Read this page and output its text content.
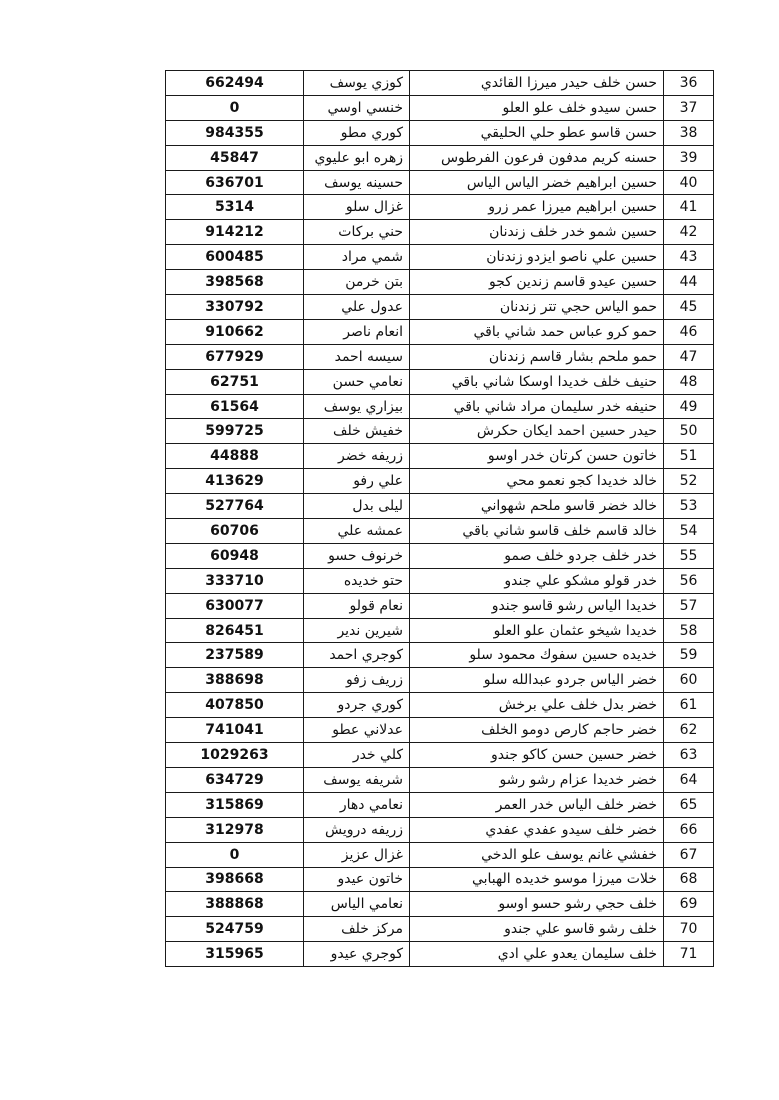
662494	كوزي يوسف	حسن خلف حيدر ميرزا القائدي	36
0	خنسي اوسي	حسن سيدو خلف علو العلو	37
984355	كوري مطو	حسن قاسو عطو حلي الحليقي	38
45847	زهره ابو عليوي	حسنه كريم مدفون فرعون الفرطوس	39
636701	حسينه يوسف	حسين ابراهيم خضر الياس الياس	40
5314	غزال سلو	حسين ابراهيم ميرزا عمر زرو	41
914212	حني بركات	حسين شمو خدر خلف زندنان	42
600485	شمي مراد	حسين علي ناصو ايزدو زندنان	43
398568	بتن خرمن	حسين عيدو قاسم زندين كجو	44
330792	عدول علي	حمو الياس حجي تتر زندنان	45
910662	انعام ناصر	حمو كرو عباس حمد شاني باقي	46
677929	سيسه احمد	حمو ملحم بشار قاسم زندنان	47
62751	نعامي حسن	حنيف خلف خديدا اوسكا شاني باقي	48
61564	بيزاري يوسف	حنيفه خدر سليمان مراد شاني باقي	49
599725	خفيش خلف	حيدر حسين احمد ايكان حكرش	50
44888	زريفه خضر	خاتون حسن كرتان خدر اوسو	51
413629	علي رفو	خالد خديدا كجو نعمو محي	52
527764	ليلى بدل	خالد خضر قاسو ملحم شهواني	53
60706	عمشه علي	خالد قاسم خلف قاسو شاني باقي	54
60948	خرنوف حسو	خدر خلف جردو خلف صمو	55
333710	حتو خديده	خدر قولو مشكو علي جندو	56
630077	نعام قولو	خديدا الياس رشو قاسو جندو	57
826451	شيرين ندير	خديدا شيخو عثمان علو العلو	58
237589	كوجري احمد	خديده حسين سفوك محمود سلو	59
388698	زريف زفو	خضر الياس جردو عبدالله سلو	60
407850	كوري جردو	خضر بدل خلف علي برخش	61
741041	عدلاني عطو	خضر حاجم كارص دومو الخلف	62
1029263	كلي خدر	خضر حسين حسن كاكو جندو	63
634729	شريفه يوسف	خضر خديدا عزام رشو رشو	64
315869	نعامي دهار	خضر خلف الياس خدر العمر	65
312978	زريفه درويش	خضر خلف سيدو عفدي عفدي	66
0	غزال عزيز	خفشي غانم يوسف علو الدخي	67
398668	خاتون عيدو	خلات ميرزا موسو خديده الهبابي	68
388868	نعامي الياس	خلف حجي رشو حسو اوسو	69
524759	مركز خلف	خلف رشو قاسو علي جندو	70
315965	كوجري عيدو	خلف سليمان يعدو علي ادي	71
